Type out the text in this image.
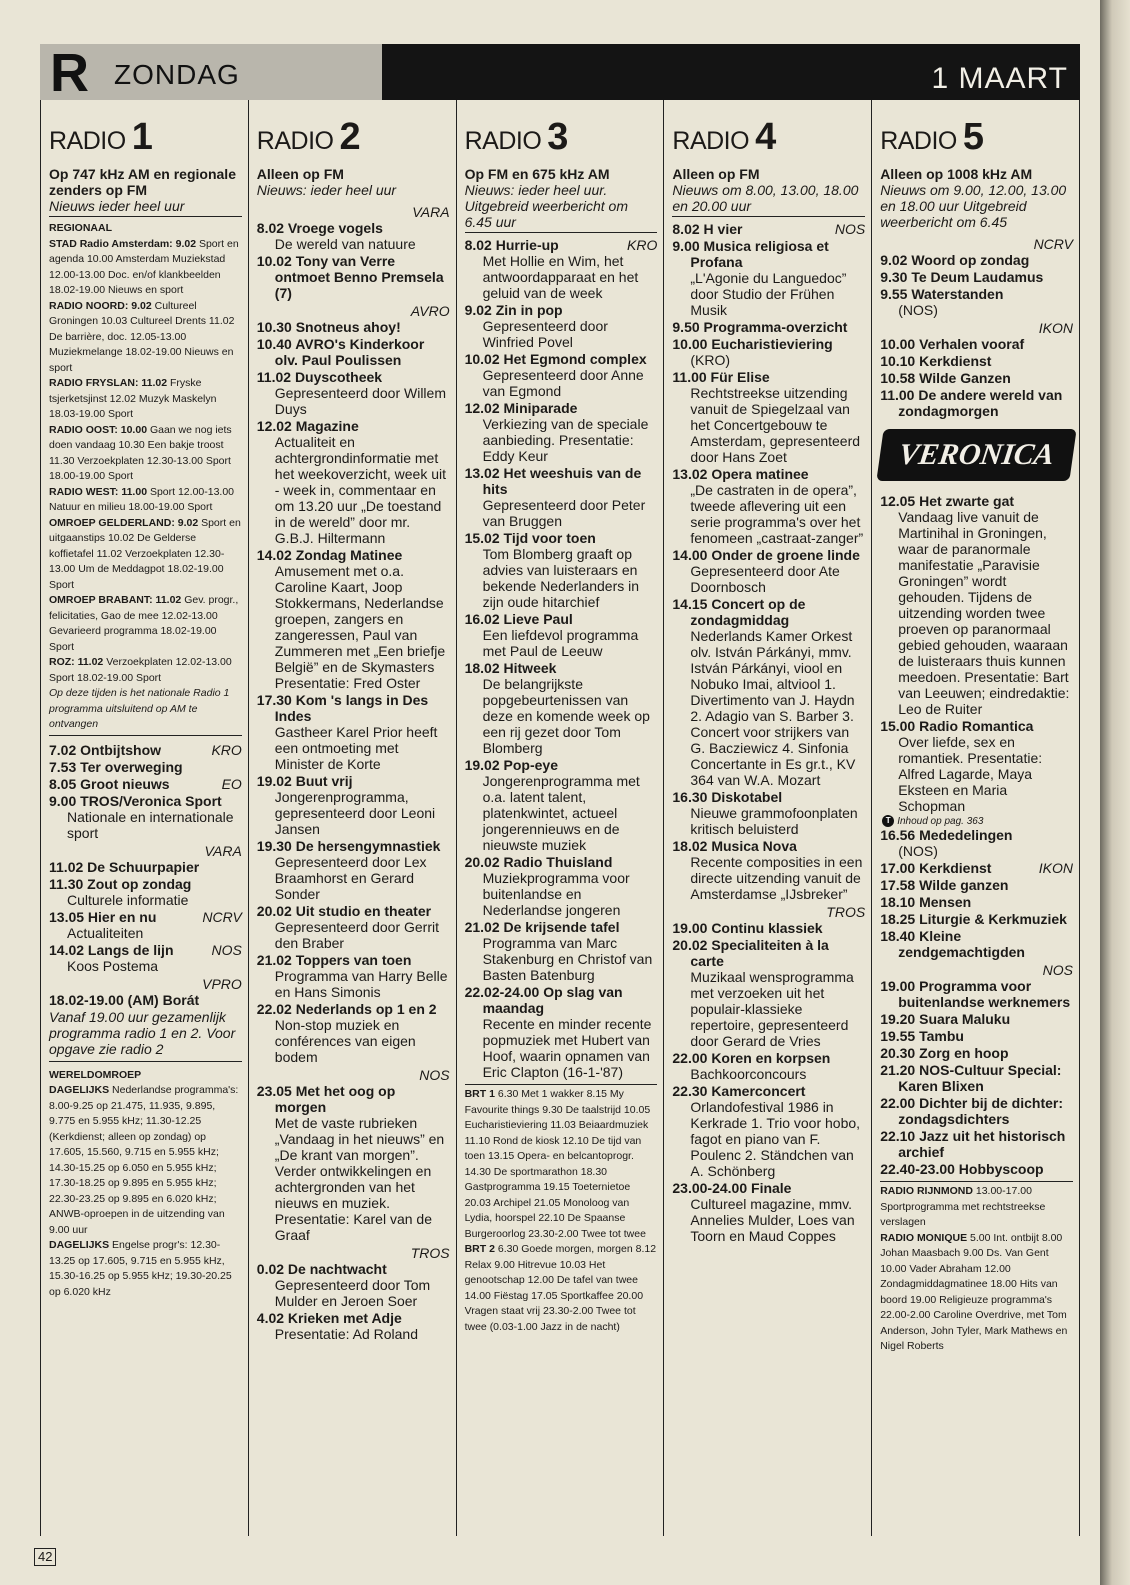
R ZONDAG	1 MAART
RADIO 1
Op 747 kHz AM en regionale zenders op FM
Nieuws ieder heel uur
REGIONAAL
STAD Radio Amsterdam: 9.02 Sport en agenda 10.00 Amsterdam Muziekstad 12.00-13.00 Doc. en/of klankbeelden 18.02-19.00 Nieuws en sport
RADIO NOORD: 9.02 Cultureel Groningen 10.03 Cultureel Drents 11.02 De barrière, doc. 12.05-13.00 Muziekmelange 18.02-19.00 Nieuws en sport
RADIO FRYSLAN: 11.02 Fryske tsjerketsjinst 12.02 Muzyk Maskelyn 18.03-19.00 Sport
RADIO OOST: 10.00 Gaan we nog iets doen vandaag 10.30 Een bakje troost 11.30 Verzoekplaten 12.30-13.00 Sport 18.00-19.00 Sport
RADIO WEST: 11.00 Sport 12.00-13.00 Natuur en milieu 18.00-19.00 Sport
OMROEP GELDERLAND: 9.02 Sport en uitgaanstips 10.02 De Gelderse koffietafel 11.02 Verzoekplaten 12.30-13.00 Um de Meddagpot 18.02-19.00 Sport
OMROEP BRABANT: 11.02 Gev. progr., felicitaties, Gao de mee 12.02-13.00 Gevarieerd programma 18.02-19.00 Sport
ROZ: 11.02 Verzoekplaten 12.02-13.00 Sport 18.02-19.00 Sport
Op deze tijden is het nationale Radio 1 programma uitsluitend op AM te ontvangen
KRO
7.02 Ontbijtshow
7.53 Ter overweging
EO
8.05 Groot nieuws
9.00 TROS/Veronica Sport
Nationale en internationale sport
VARA
11.02 De Schuurpapier
11.30 Zout op zondag
Culturele informatie
NCRV
13.05 Hier en nu
Actualiteiten
NOS
14.02 Langs de lijn
Koos Postema
VPRO
18.02-19.00 (AM) Borát
Vanaf 19.00 uur gezamenlijk programma radio 1 en 2. Voor opgave zie radio 2
WERELDOMROEP
DAGELIJKS Nederlandse programma's: 8.00-9.25 op 21.475, 11.935, 9.895, 9.775 en 5.955 kHz; 11.30-12.25 (Kerkdienst; alleen op zondag) op 17.605, 15.560, 9.715 en 5.955 kHz; 14.30-15.25 op 6.050 en 5.955 kHz; 17.30-18.25 op 9.895 en 5.955 kHz; 22.30-23.25 op 9.895 en 6.020 kHz; ANWB-oproepen in de uitzending van 9.00 uur
DAGELIJKS Engelse progr's: 12.30-13.25 op 17.605, 9.715 en 5.955 kHz, 15.30-16.25 op 5.955 kHz; 19.30-20.25 op 6.020 kHz
RADIO 2
Alleen op FM
Nieuws: ieder heel uur
VARA
8.02 Vroege vogels
De wereld van natuure
10.02 Tony van Verre ontmoet Benno Premsela (7)
AVRO
10.30 Snotneus ahoy!
10.40 AVRO's Kinderkoor olv. Paul Poulissen
11.02 Duyscotheek
Gepresenteerd door Willem Duys
12.02 Magazine
Actualiteit en achtergrondinformatie met het weekoverzicht, week uit - week in, commentaar en om 13.20 uur „De toestand in de wereld” door mr. G.B.J. Hiltermann
14.02 Zondag Matinee
Amusement met o.a. Caroline Kaart, Joop Stokkermans, Nederlandse groepen, zangers en zangeressen, Paul van Zummeren met „Een briefje België” en de Skymasters Presentatie: Fred Oster
17.30 Kom 's langs in Des Indes
Gastheer Karel Prior heeft een ontmoeting met Minister de Korte
19.02 Buut vrij
Jongerenprogramma, gepresenteerd door Leoni Jansen
19.30 De hersengymnastiek
Gepresenteerd door Lex Braamhorst en Gerard Sonder
20.02 Uit studio en theater
Gepresenteerd door Gerrit den Braber
21.02 Toppers van toen
Programma van Harry Belle en Hans Simonis
22.02 Nederlands op 1 en 2
Non-stop muziek en conférences van eigen bodem
NOS
23.05 Met het oog op morgen
Met de vaste rubrieken „Vandaag in het nieuws” en „De krant van morgen”. Verder ontwikkelingen en achtergronden van het nieuws en muziek. Presentatie: Karel van de Graaf
TROS
0.02 De nachtwacht
Gepresenteerd door Tom Mulder en Jeroen Soer
4.02 Krieken met Adje
Presentatie: Ad Roland
RADIO 3
Op FM en 675 kHz AM
Nieuws: ieder heel uur. Uitgebreid weerbericht om 6.45 uur
KRO
8.02 Hurrie-up
Met Hollie en Wim, het antwoordapparaat en het geluid van de week
9.02 Zin in pop
Gepresenteerd door Winfried Povel
10.02 Het Egmond complex
Gepresenteerd door Anne van Egmond
12.02 Miniparade
Verkiezing van de speciale aanbieding. Presentatie: Eddy Keur
13.02 Het weeshuis van de hits
Gepresenteerd door Peter van Bruggen
15.02 Tijd voor toen
Tom Blomberg graaft op advies van luisteraars en bekende Nederlanders in zijn oude hitarchief
16.02 Lieve Paul
Een liefdevol programma met Paul de Leeuw
18.02 Hitweek
De belangrijkste popgebeurtenissen van deze en komende week op een rij gezet door Tom Blomberg
19.02 Pop-eye
Jongerenprogramma met o.a. latent talent, platenkwintet, actueel jongerennieuws en de nieuwste muziek
20.02 Radio Thuisland
Muziekprogramma voor buitenlandse en Nederlandse jongeren
21.02 De krijsende tafel
Programma van Marc Stakenburg en Christof van Basten Batenburg
22.02-24.00 Op slag van maandag
Recente en minder recente popmuziek met Hubert van Hoof, waarin opnamen van Eric Clapton (16-1-'87)
BRT 1 6.30 Met 1 wakker 8.15 My Favourite things 9.30 De taalstrijd 10.05 Eucharistieviering 11.03 Beiaardmuziek 11.10 Rond de kiosk 12.10 De tijd van toen 13.15 Opera- en belcantoprogr. 14.30 De sportmarathon 18.30 Gastprogramma 19.15 Toeternietoe 20.03 Archipel 21.05 Monoloog van Lydia, hoorspel 22.10 De Spaanse Burgeroorlog 23.30-2.00 Twee tot twee
BRT 2 6.30 Goede morgen, morgen 8.12 Relax 9.00 Hitrevue 10.03 Het genootschap 12.00 De tafel van twee 14.00 Fiёstag 17.05 Sportkaffee 20.00 Vragen staat vrij 23.30-2.00 Twee tot twee (0.03-1.00 Jazz in de nacht)
RADIO 4
Alleen op FM
Nieuws om 8.00, 13.00, 18.00 en 20.00 uur
NOS
8.02 H vier
9.00 Musica religiosa et Profana
„L'Agonie du Languedoc” door Studio der Frühen Musik
9.50 Programma-overzicht
10.00 Eucharistieviering
(KRO)
11.00 Für Elise
Rechtstreekse uitzending vanuit de Spiegelzaal van het Concertgebouw te Amsterdam, gepresenteerd door Hans Zoet
13.02 Opera matinee
„De castraten in de opera”, tweede aflevering uit een serie programma's over het fenomeen „castraat-zanger”
14.00 Onder de groene linde
Gepresenteerd door Ate Doornbosch
14.15 Concert op de zondagmiddag
Nederlands Kamer Orkest olv. István Párkányi, mmv. István Párkányi, viool en Nobuko Imai, altviool 1. Divertimento van J. Haydn 2. Adagio van S. Barber 3. Concert voor strijkers van G. Bacziewicz 4. Sinfonia Concertante in Es gr.t., KV 364 van W.A. Mozart
16.30 Diskotabel
Nieuwe grammofoonplaten kritisch beluisterd
18.02 Musica Nova
Recente composities in een directe uitzending vanuit de Amsterdamse „IJsbreker”
TROS
19.00 Continu klassiek
20.02 Specialiteiten à la carte
Muzikaal wensprogramma met verzoeken uit het populair-klassieke repertoire, gepresenteerd door Gerard de Vries
22.00 Koren en korpsen
Bachkoorconcours
22.30 Kamerconcert
Orlandofestival 1986 in Kerkrade 1. Trio voor hobo, fagot en piano van F. Poulenc 2. Ständchen van A. Schönberg
23.00-24.00 Finale
Cultureel magazine, mmv. Annelies Mulder, Loes van Toorn en Maud Coppes
RADIO 5
Alleen op 1008 kHz AM
Nieuws om 9.00, 12.00, 13.00 en 18.00 uur Uitgebreid weerbericht om 6.45
NCRV
9.02 Woord op zondag
9.30 Te Deum Laudamus
9.55 Waterstanden
(NOS)
IKON
10.00 Verhalen vooraf
10.10 Kerkdienst
10.58 Wilde Ganzen
11.00 De andere wereld van zondagmorgen
VERONICA
12.05 Het zwarte gat
Vandaag live vanuit de Martinihal in Groningen, waar de paranormale manifestatie „Paravisie Groningen” wordt gehouden. Tijdens de uitzending worden twee proeven op paranormaal gebied gehouden, waaraan de luisteraars thuis kunnen meedoen. Presentatie: Bart van Leeuwen; eindredaktie: Leo de Ruiter
15.00 Radio Romantica
Over liefde, sex en romantiek. Presentatie: Alfred Lagarde, Maya Eksteen en Maria Schopman
T Inhoud op pag. 363
16.56 Mededelingen
(NOS)
IKON
17.00 Kerkdienst
17.58 Wilde ganzen
18.10 Mensen
18.25 Liturgie & Kerkmuziek
18.40 Kleine zendgemachtigden
NOS
19.00 Programma voor buitenlandse werknemers
19.20 Suara Maluku
19.55 Tambu
20.30 Zorg en hoop
21.20 NOS-Cultuur Special: Karen Blixen
22.00 Dichter bij de dichter: zondagsdichters
22.10 Jazz uit het historisch archief
22.40-23.00 Hobbyscoop
RADIO RIJNMOND 13.00-17.00 Sportprogramma met rechtstreekse verslagen
RADIO MONIQUE 5.00 Int. ontbijt 8.00 Johan Maasbach 9.00 Ds. Van Gent 10.00 Vader Abraham 12.00 Zondagmiddagmatinee 18.00 Hits van boord 19.00 Religieuze programma's 22.00-2.00 Caroline Overdrive, met Tom Anderson, John Tyler, Mark Mathews en Nigel Roberts
42
